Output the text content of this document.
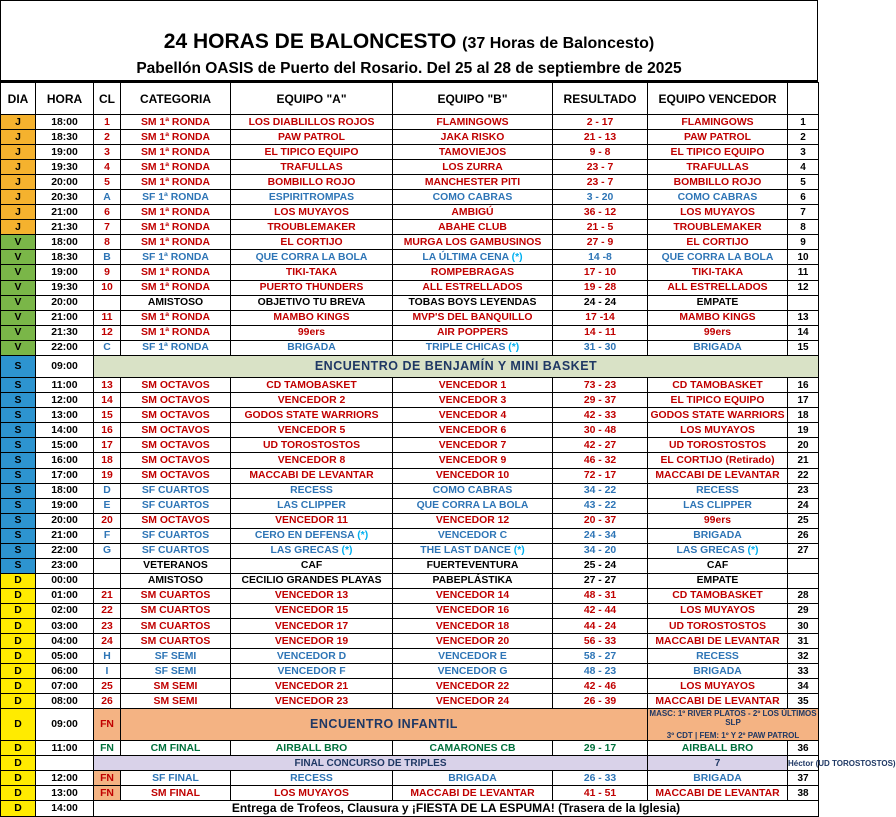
24 HORAS DE BALONCESTO (37 Horas de Baloncesto)
Pabellón OASIS de Puerto del Rosario. Del 25 al 28 de septiembre de 2025
DIA	HORA	CL	CATEGORIA	EQUIPO "A"	EQUIPO "B"	RESULTADO	EQUIPO VENCEDOR		
J	18:00	1	SM 1ª RONDA	LOS DIABLILLOS ROJOS	FLAMINGOWS	2 - 17	FLAMINGOWS	1	
J	18:30	2	SM 1ª RONDA	PAW PATROL	JAKA RISKO	21 - 13	PAW PATROL	2	
J	19:00	3	SM 1ª RONDA	EL TIPICO EQUIPO	TAMOVIEJOS	9 - 8	EL TIPICO EQUIPO	3	
J	19:30	4	SM 1ª RONDA	TRAFULLAS	LOS ZURRA	23 - 7	TRAFULLAS	4	
J	20:00	5	SM 1ª RONDA	BOMBILLO ROJO	MANCHESTER PITI	23 - 7	BOMBILLO ROJO	5	
J	20:30	A	SF 1ª RONDA	ESPIRITROMPAS	COMO CABRAS	3 - 20	COMO CABRAS	6	
J	21:00	6	SM 1ª RONDA	LOS MUYAYOS	AMBIGÚ	36 - 12	LOS MUYAYOS	7	
J	21:30	7	SM 1ª RONDA	TROUBLEMAKER	ABAHE CLUB	21 - 5	TROUBLEMAKER	8	
V	18:00	8	SM 1ª RONDA	EL CORTIJO	MURGA LOS GAMBUSINOS	27 - 9	EL CORTIJO	9	
V	18:30	B	SF 1ª RONDA	QUE CORRA LA BOLA	LA ÚLTIMA CENA (*)	14 -8	QUE CORRA LA BOLA	10	
V	19:00	9	SM 1ª RONDA	TIKI-TAKA	ROMPEBRAGAS	17 - 10	TIKI-TAKA	11	
V	19:30	10	SM 1ª RONDA	PUERTO THUNDERS	ALL ESTRELLADOS	19 - 28	ALL ESTRELLADOS	12	
V	20:00		AMISTOSO	OBJETIVO TU BREVA	TOBAS BOYS LEYENDAS	24 - 24	EMPATE		
V	21:00	11	SM 1ª RONDA	MAMBO KINGS	MVP'S DEL BANQUILLO	17 -14	MAMBO KINGS	13	
V	21:30	12	SM 1ª RONDA	99ers	AIR POPPERS	14 - 11	99ers	14	
V	22:00	C	SF 1ª RONDA	BRIGADA	TRIPLE CHICAS (*)	31 - 30	BRIGADA	15	
S	09:00	ENCUENTRO DE BENJAMÍN Y MINI BASKET							
S	11:00	13	SM OCTAVOS	CD TAMOBASKET	VENCEDOR 1	73 - 23	CD TAMOBASKET	16	
S	12:00	14	SM OCTAVOS	VENCEDOR 2	VENCEDOR 3	29 - 37	EL TIPICO EQUIPO	17	
S	13:00	15	SM OCTAVOS	GODOS STATE WARRIORS	VENCEDOR 4	42 - 33	GODOS STATE WARRIORS	18	
S	14:00	16	SM OCTAVOS	VENCEDOR 5	VENCEDOR 6	30 - 48	LOS MUYAYOS	19	
S	15:00	17	SM OCTAVOS	UD TOROSTOSTOS	VENCEDOR 7	42 - 27	UD TOROSTOSTOS	20	
S	16:00	18	SM OCTAVOS	VENCEDOR 8	VENCEDOR 9	46 - 32	EL CORTIJO (Retirado)	21	
S	17:00	19	SM OCTAVOS	MACCABI DE LEVANTAR	VENCEDOR 10	72 - 17	MACCABI DE LEVANTAR	22	
S	18:00	D	SF CUARTOS	RECESS	COMO CABRAS	34 - 22	RECESS	23	
S	19:00	E	SF CUARTOS	LAS CLIPPER	QUE CORRA LA BOLA	43 - 22	LAS CLIPPER	24	
S	20:00	20	SM OCTAVOS	VENCEDOR 11	VENCEDOR 12	20 - 37	99ers	25	
S	21:00	F	SF CUARTOS	CERO EN DEFENSA (*)	VENCEDOR C	24 - 34	BRIGADA	26	
S	22:00	G	SF CUARTOS	LAS GRECAS (*)	THE LAST DANCE (*)	34 - 20	LAS GRECAS (*)	27	
S	23:00		VETERANOS	CAF	FUERTEVENTURA	25 - 24	CAF		
D	00:00		AMISTOSO	CECILIO GRANDES PLAYAS	PABEPLÁSTIKA	27 - 27	EMPATE		
D	01:00	21	SM CUARTOS	VENCEDOR 13	VENCEDOR 14	48 - 31	CD TAMOBASKET	28	
D	02:00	22	SM CUARTOS	VENCEDOR 15	VENCEDOR 16	42 - 44	LOS MUYAYOS	29	
D	03:00	23	SM CUARTOS	VENCEDOR 17	VENCEDOR 18	44 - 24	UD TOROSTOSTOS	30	
D	04:00	24	SM CUARTOS	VENCEDOR 19	VENCEDOR 20	56 - 33	MACCABI DE LEVANTAR	31	
D	05:00	H	SF SEMI	VENCEDOR D	VENCEDOR E	58 - 27	RECESS	32	
D	06:00	I	SF SEMI	VENCEDOR F	VENCEDOR G	48 - 23	BRIGADA	33	
D	07:00	25	SM SEMI	VENCEDOR 21	VENCEDOR 22	42 - 46	LOS MUYAYOS	34	
D	08:00	26	SM SEMI	VENCEDOR 23	VENCEDOR 24	26 - 39	MACCABI DE LEVANTAR	35	
D	09:00	FN	ENCUENTRO INFANTIL				MASC: 1º RIVER PLATOS - 2º LOS ÚLTIMOS SLP
3º CDT | FEM: 1º Y 2º PAW PATROL		

D	11:00	FN	CM FINAL	AIRBALL BRO	CAMARONES CB	29 - 17	AIRBALL BRO	36	
D		FINAL CONCURSO DE TRIPLES					7	Héctor (UD TOROSTOSTOS)	
D	12:00	FN	SF FINAL	RECESS	BRIGADA	26 - 33	BRIGADA	37	
D	13:00	FN	SM FINAL	LOS MUYAYOS	MACCABI DE LEVANTAR	41 - 51	MACCABI DE LEVANTAR	38	
D	14:00	Entrega de Trofeos, Clausura y ¡FIESTA DE LA ESPUMA! (Trasera de la Iglesia)							
